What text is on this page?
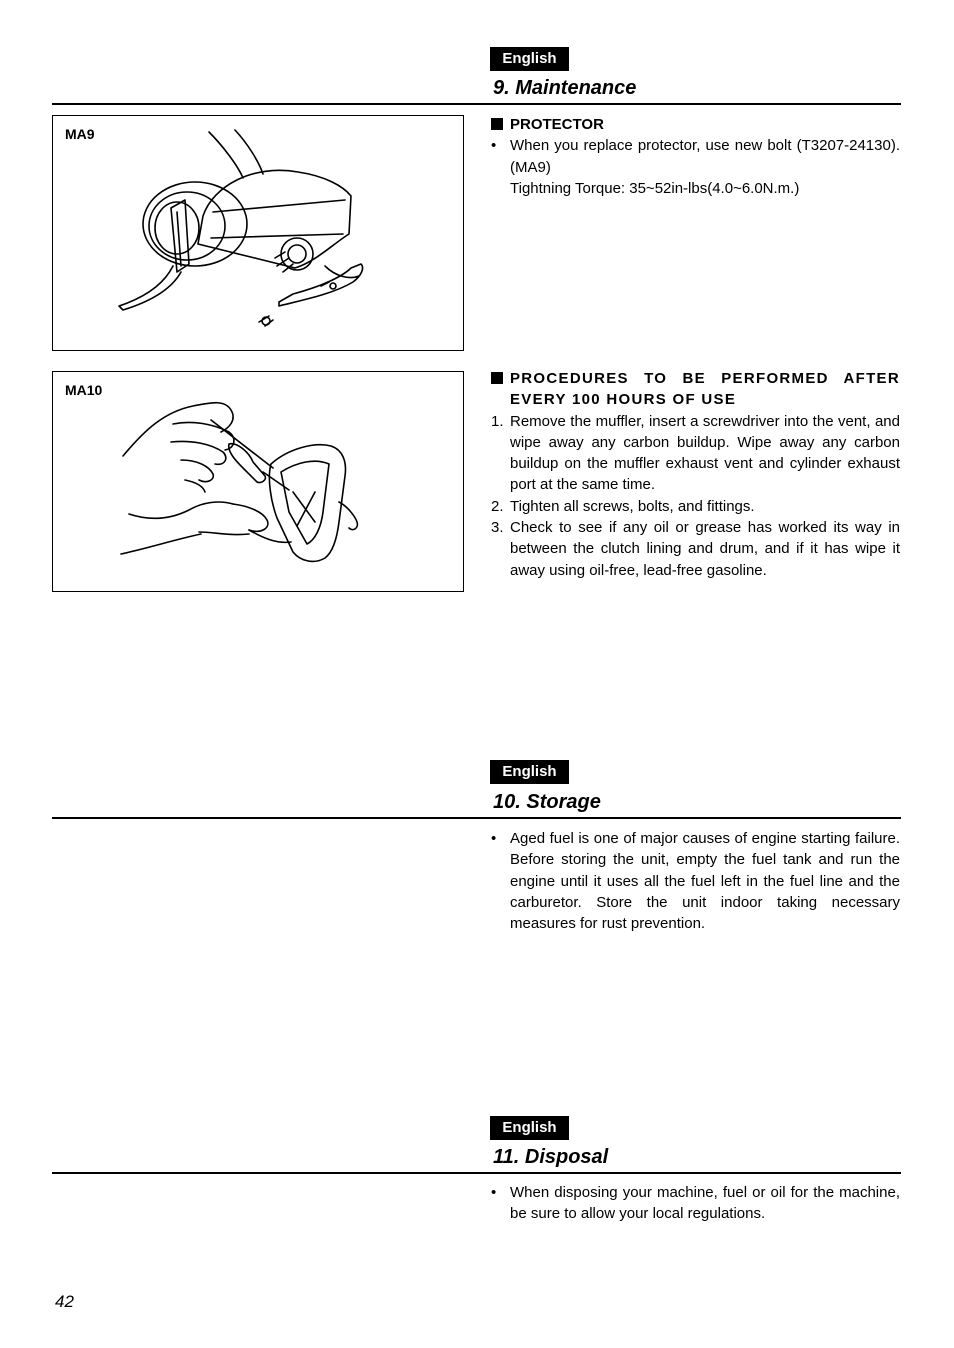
English
9. Maintenance
MA9
PROTECTOR
• When you replace protector, use new bolt (T3207-24130). (MA9)
Tightning Torque: 35~52in-lbs(4.0~6.0N.m.)
MA10
PROCEDURES TO BE PERFORMED AFTER EVERY 100 HOURS OF USE
1. Remove the muffler, insert a screwdriver into the vent, and wipe away any carbon buildup. Wipe away any carbon buildup on the muffler exhaust vent and cylinder exhaust port at the same time.
2. Tighten all screws, bolts, and fittings.
3. Check to see if any oil or grease has worked its way in between the clutch lining and drum, and if it has wipe it away using oil-free, lead-free gasoline.
English
10. Storage
• Aged fuel is one of major causes of engine starting failure. Before storing the unit, empty the fuel tank and run the engine until it uses all the fuel left in the fuel line and the carburetor. Store the unit indoor taking necessary measures for rust prevention.
English
11. Disposal
• When disposing your machine, fuel or oil for the machine, be sure to allow your local regulations.
42
